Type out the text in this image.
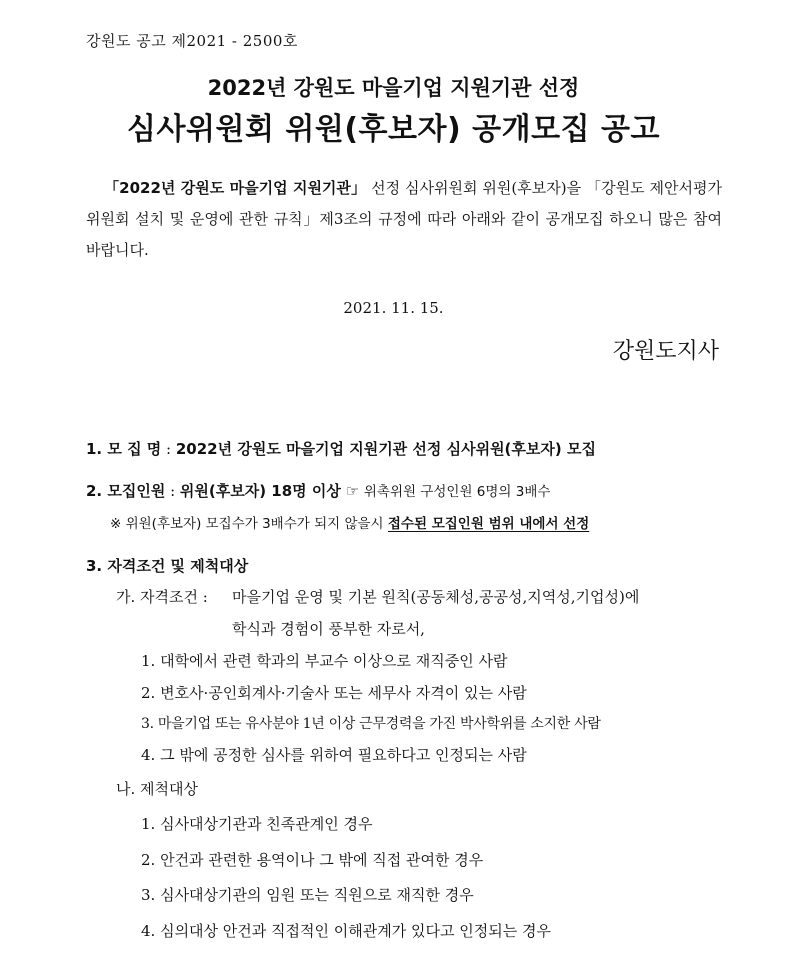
강원도 공고 제2021 - 2500호
2022년 강원도 마을기업 지원기관 선정
심사위원회 위원(후보자) 공개모집 공고
「2022년 강원도 마을기업 지원기관」 선정 심사위원회 위원(후보자)을 「강원도 제안서평가위원회 설치 및 운영에 관한 규칙」제3조의 규정에 따라 아래와 같이 공개모집 하오니 많은 참여 바랍니다.
2021. 11. 15.
강원도지사
1. 모 집 명 : 2022년 강원도 마을기업 지원기관 선정 심사위원(후보자) 모집
2. 모집인원 : 위원(후보자) 18명 이상 ☞ 위촉위원 구성인원 6명의 3배수
※ 위원(후보자) 모집수가 3배수가 되지 않을시 접수된 모집인원 범위 내에서 선정
3. 자격조건 및 제척대상
가. 자격조건 : 마을기업 운영 및 기본 원칙(공동체성,공공성,지역성,기업성)에
학식과 경험이 풍부한 자로서,
1. 대학에서 관련 학과의 부교수 이상으로 재직중인 사람
2. 변호사·공인회계사·기술사 또는 세무사 자격이 있는 사람
3. 마을기업 또는 유사분야 1년 이상 근무경력을 가진 박사학위를 소지한 사람
4. 그 밖에 공정한 심사를 위하여 필요하다고 인정되는 사람
나. 제척대상
1. 심사대상기관과 친족관계인 경우
2. 안건과 관련한 용역이나 그 밖에 직접 관여한 경우
3. 심사대상기관의 임원 또는 직원으로 재직한 경우
4. 심의대상 안건과 직접적인 이해관계가 있다고 인정되는 경우
